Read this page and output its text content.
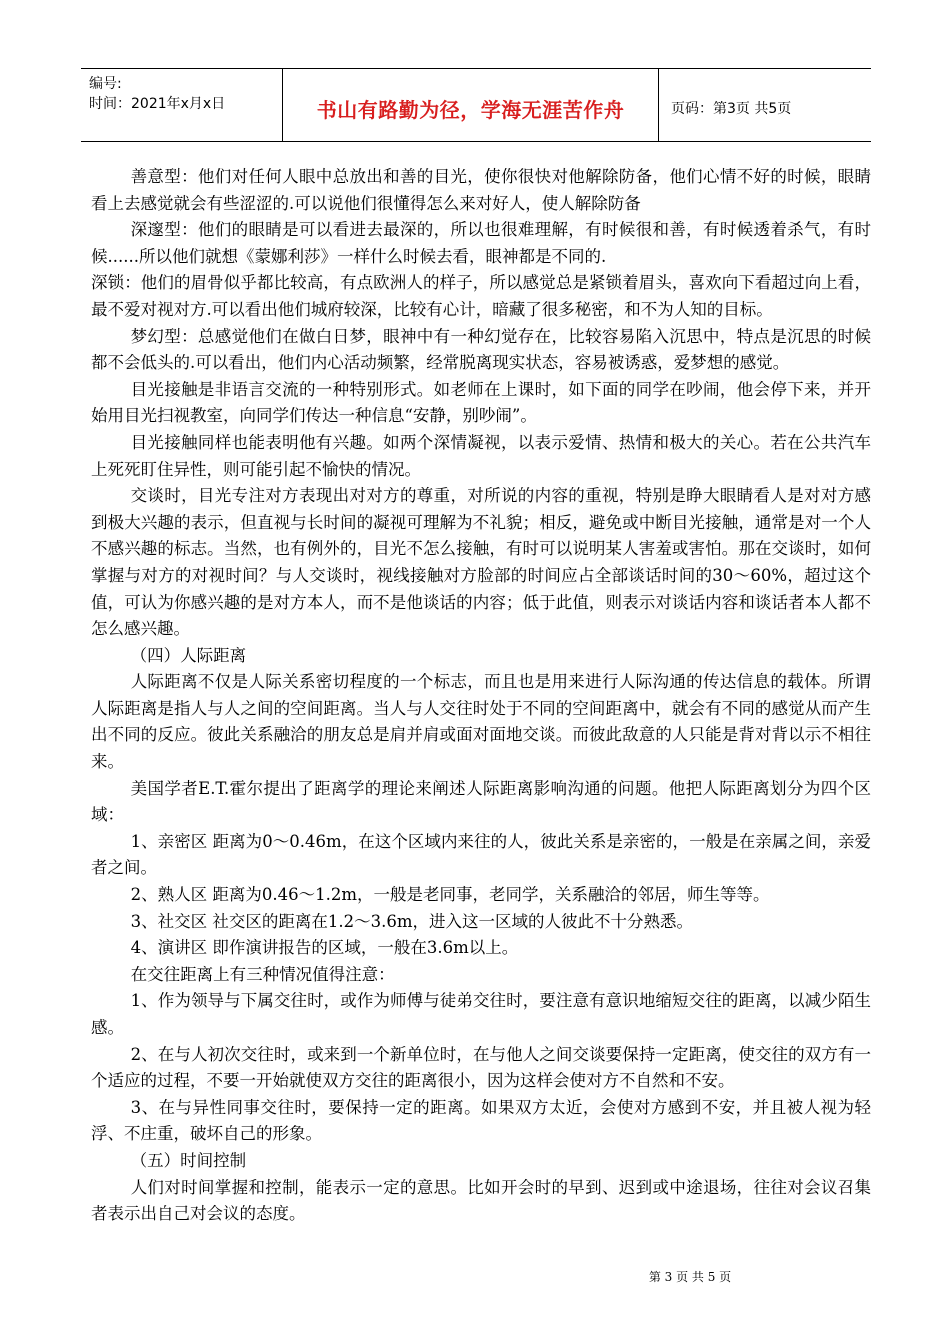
编号:
时间：2021年x月x日	书山有路勤为径，学海无涯苦作舟	页码：第3页 共5页

善意型：他们对任何人眼中总放出和善的目光，使你很快对他解除防备，他们心情不好的时候，眼睛看上去感觉就会有些涩涩的.可以说他们很懂得怎么来对好人，使人解除防备

深邃型：他们的眼睛是可以看进去最深的，所以也很难理解，有时候很和善，有时候透着杀气，有时候......所以他们就想《蒙娜利莎》一样什么时候去看，眼神都是不同的.

深锁：他们的眉骨似乎都比较高，有点欧洲人的样子，所以感觉总是紧锁着眉头，喜欢向下看超过向上看，最不爱对视对方.可以看出他们城府较深，比较有心计，暗藏了很多秘密，和不为人知的目标。

梦幻型：总感觉他们在做白日梦，眼神中有一种幻觉存在，比较容易陷入沉思中，特点是沉思的时候都不会低头的.可以看出，他们内心活动频繁，经常脱离现实状态，容易被诱惑，爱梦想的感觉。

目光接触是非语言交流的一种特别形式。如老师在上课时，如下面的同学在吵闹，他会停下来，并开始用目光扫视教室，向同学们传达一种信息“安静，别吵闹”。

目光接触同样也能表明他有兴趣。如两个深情凝视，以表示爱情、热情和极大的关心。若在公共汽车上死死盯住异性，则可能引起不愉快的情况。

交谈时，目光专注对方表现出对对方的尊重，对所说的内容的重视，特别是睁大眼睛看人是对对方感到极大兴趣的表示，但直视与长时间的凝视可理解为不礼貌；相反，避免或中断目光接触，通常是对一个人不感兴趣的标志。当然，也有例外的，目光不怎么接触，有时可以说明某人害羞或害怕。那在交谈时，如何掌握与对方的对视时间？与人交谈时，视线接触对方脸部的时间应占全部谈话时间的30～60%，超过这个值，可认为你感兴趣的是对方本人，而不是他谈话的内容；低于此值，则表示对谈话内容和谈话者本人都不怎么感兴趣。

（四）人际距离

人际距离不仅是人际关系密切程度的一个标志，而且也是用来进行人际沟通的传达信息的载体。所谓人际距离是指人与人之间的空间距离。当人与人交往时处于不同的空间距离中，就会有不同的感觉从而产生出不同的反应。彼此关系融洽的朋友总是肩并肩或面对面地交谈。而彼此敌意的人只能是背对背以示不相往来。

美国学者E.T.霍尔提出了距离学的理论来阐述人际距离影响沟通的问题。他把人际距离划分为四个区域：

1、亲密区 距离为0～0.46m，在这个区域内来往的人，彼此关系是亲密的，一般是在亲属之间，亲爱者之间。

2、熟人区 距离为0.46～1.2m，一般是老同事，老同学，关系融洽的邻居，师生等等。

3、社交区 社交区的距离在1.2～3.6m，进入这一区域的人彼此不十分熟悉。

4、演讲区 即作演讲报告的区域，一般在3.6m以上。

在交往距离上有三种情况值得注意：

1、作为领导与下属交往时，或作为师傅与徒弟交往时，要注意有意识地缩短交往的距离，以减少陌生感。

2、在与人初次交往时，或来到一个新单位时，在与他人之间交谈要保持一定距离，使交往的双方有一个适应的过程，不要一开始就使双方交往的距离很小，因为这样会使对方不自然和不安。

3、在与异性同事交往时，要保持一定的距离。如果双方太近，会使对方感到不安，并且被人视为轻浮、不庄重，破坏自己的形象。

（五）时间控制

人们对时间掌握和控制，能表示一定的意思。比如开会时的早到、迟到或中途退场，往往对会议召集者表示出自己对会议的态度。

第 3 页 共 5 页
